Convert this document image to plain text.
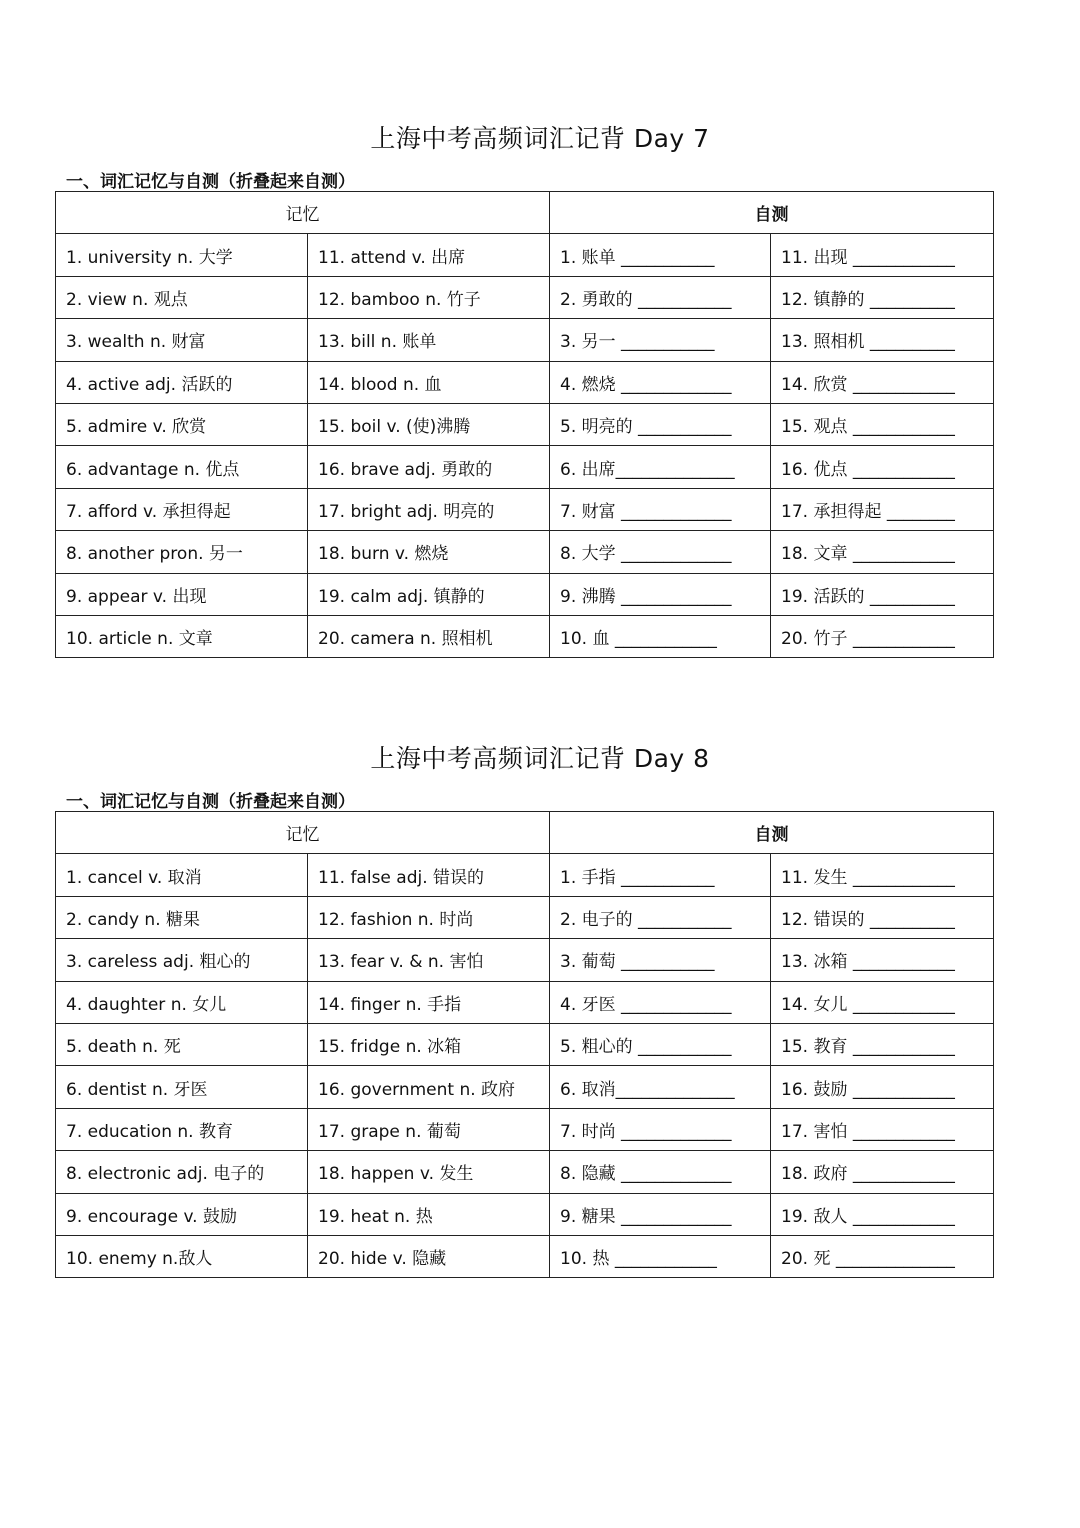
上海中考高频词汇记背 Day 7
一、词汇记忆与自测（折叠起来自测）
记忆		自测	
1. university n. 大学	11. attend v. 出席	1. 账单 ___________	11. 出现 ____________
2. view n. 观点	12. bamboo n. 竹子	2. 勇敢的 ___________	12. 镇静的 __________
3. wealth n. 财富	13. bill n. 账单	3. 另一 ___________	13. 照相机 __________
4. active adj. 活跃的	14. blood n. 血	4. 燃烧 _____________	14. 欣赏 ____________
5. admire v. 欣赏	15. boil v. (使)沸腾	5. 明亮的 ___________	15. 观点 ____________
6. advantage n. 优点	16. brave adj. 勇敢的	6. 出席______________	16. 优点 ____________
7. afford v. 承担得起	17. bright adj. 明亮的	7. 财富 _____________	17. 承担得起 ________
8. another pron. 另一	18. burn v. 燃烧	8. 大学 _____________	18. 文章 ____________
9. appear v. 出现	19. calm adj. 镇静的	9. 沸腾 _____________	19. 活跃的 __________
10. article n. 文章	20. camera n. 照相机	10. 血 ____________	20. 竹子 ____________
上海中考高频词汇记背 Day 8
一、词汇记忆与自测（折叠起来自测）
记忆		自测	
1. cancel v. 取消	11. false adj. 错误的	1. 手指 ___________	11. 发生 ____________
2. candy n. 糖果	12. fashion n. 时尚	2. 电子的 ___________	12. 错误的 __________
3. careless adj. 粗心的	13. fear v. & n. 害怕	3. 葡萄 ___________	13. 冰箱 ____________
4. daughter n. 女儿	14. finger n. 手指	4. 牙医 _____________	14. 女儿 ____________
5. death n. 死	15. fridge n. 冰箱	5. 粗心的 ___________	15. 教育 ____________
6. dentist n. 牙医	16. government n. 政府	6. 取消______________	16. 鼓励 ____________
7. education n. 教育	17. grape n. 葡萄	7. 时尚 _____________	17. 害怕 ____________
8. electronic adj. 电子的	18. happen v. 发生	8. 隐藏 _____________	18. 政府 ____________
9. encourage v. 鼓励	19. heat n. 热	9. 糖果 _____________	19. 敌人 ____________
10. enemy n.敌人	20. hide v. 隐藏	10. 热 ____________	20. 死 ______________
